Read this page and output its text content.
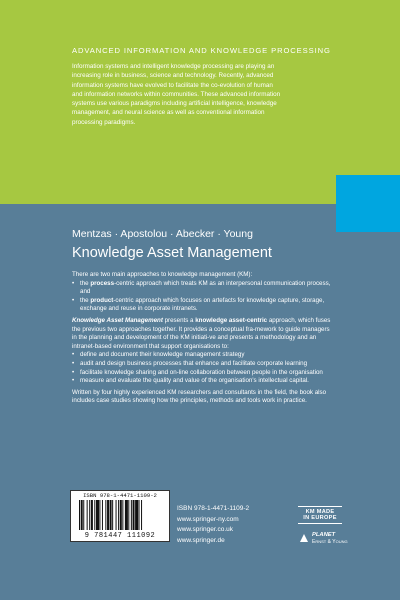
ADVANCED INFORMATION AND KNOWLEDGE PROCESSING
Information systems and intelligent knowledge processing are playing an
increasing role in business, science and technology. Recently, advanced
information systems have evolved to facilitate the co-evolution of human
and information networks within communities. These advanced information
systems use various paradigms including artificial intelligence, knowledge
management, and neural science as well as conventional information
processing paradigms.
Mentzas · Apostolou · Abecker · Young
Knowledge Asset Management

There are two main approaches to knowledge management (KM):

• the process-centric approach which treats KM as an interpersonal communication process, and
• the product-centric approach which focuses on artefacts for knowledge capture, storage, exchange and reuse in corporate intranets.

Knowledge Asset Management presents a knowledge asset-centric approach, which fuses the previous two approaches together. It provides a conceptual fra-mework to guide managers in the planning and development of the KM initiati-ve and presents a methodology and an intranet-based environment that support organisations to:

• define and document their knowledge management strategy
• audit and design business processes that enhance and facilitate corporate learning
• facilitate knowledge sharing and on-line collaboration between people in the organisation
• measure and evaluate the quality and value of the organisation's intellectual capital.

Written by four highly experienced KM researchers and consultants in the field, the book also includes case studies showing how the principles, methods and tools work in practice.

ISBN 978-1-4471-1109-2
9 781447 111092
ISBN 978-1-4471-1109-2
www.springer-ny.com
www.springer.co.uk
www.springer.de
KM MADE
IN EUROPE
PLANET
Ernst & Young
